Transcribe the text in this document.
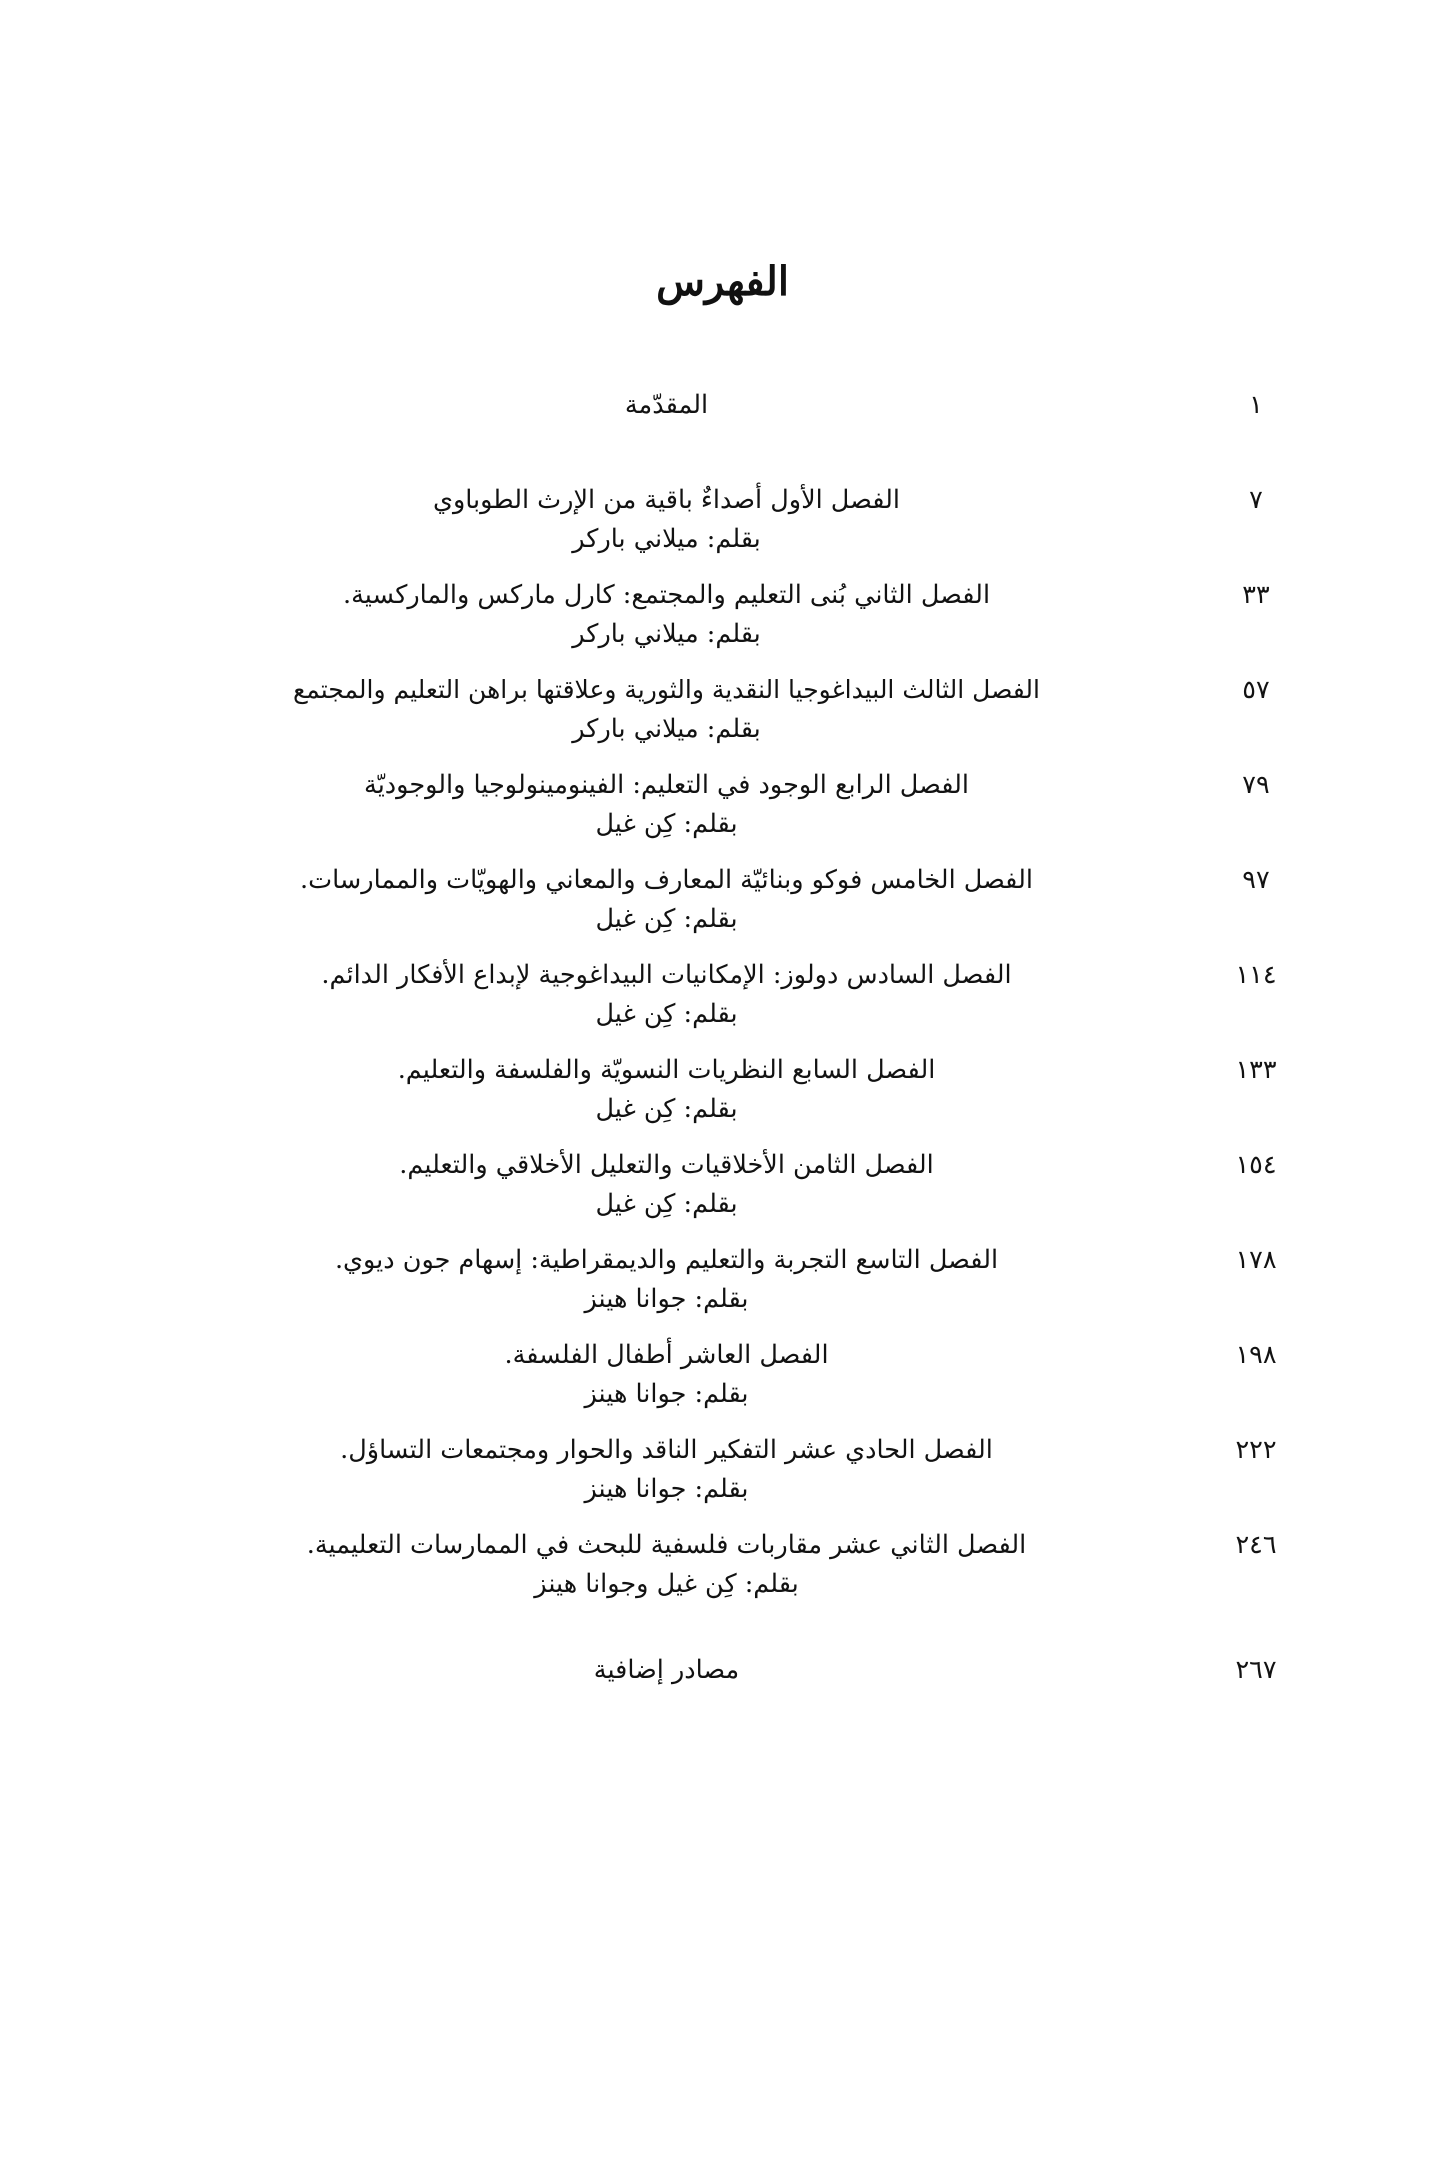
الفهرس
١
المقدّمة
٧
الفصل الأول أصداءٌ باقية من الإرث الطوباوي
بقلم: ميلاني باركر
٣٣
الفصل الثاني بُنى التعليم والمجتمع: كارل ماركس والماركسية.
بقلم: ميلاني باركر
٥٧
الفصل الثالث البيداغوجيا النقدية والثورية وعلاقتها براهن التعليم والمجتمع
بقلم: ميلاني باركر
٧٩
الفصل الرابع الوجود في التعليم: الفينومينولوجيا والوجوديّة
بقلم: كِن غيل
٩٧
الفصل الخامس فوكو وبنائيّة المعارف والمعاني والهويّات والممارسات.
بقلم: كِن غيل
١١٤
الفصل السادس دولوز: الإمكانيات البيداغوجية لإبداع الأفكار الدائم.
بقلم: كِن غيل
١٣٣
الفصل السابع النظريات النسويّة والفلسفة والتعليم.
بقلم: كِن غيل
١٥٤
الفصل الثامن الأخلاقيات والتعليل الأخلاقي والتعليم.
بقلم: كِن غيل
١٧٨
الفصل التاسع التجربة والتعليم والديمقراطية: إسهام جون ديوي.
بقلم: جوانا هينز
١٩٨
الفصل العاشر أطفال الفلسفة.
بقلم: جوانا هينز
٢٢٢
الفصل الحادي عشر التفكير الناقد والحوار ومجتمعات التساؤل.
بقلم: جوانا هينز
٢٤٦
الفصل الثاني عشر مقاربات فلسفية للبحث في الممارسات التعليمية.
بقلم: كِن غيل وجوانا هينز
٢٦٧
مصادر إضافية
